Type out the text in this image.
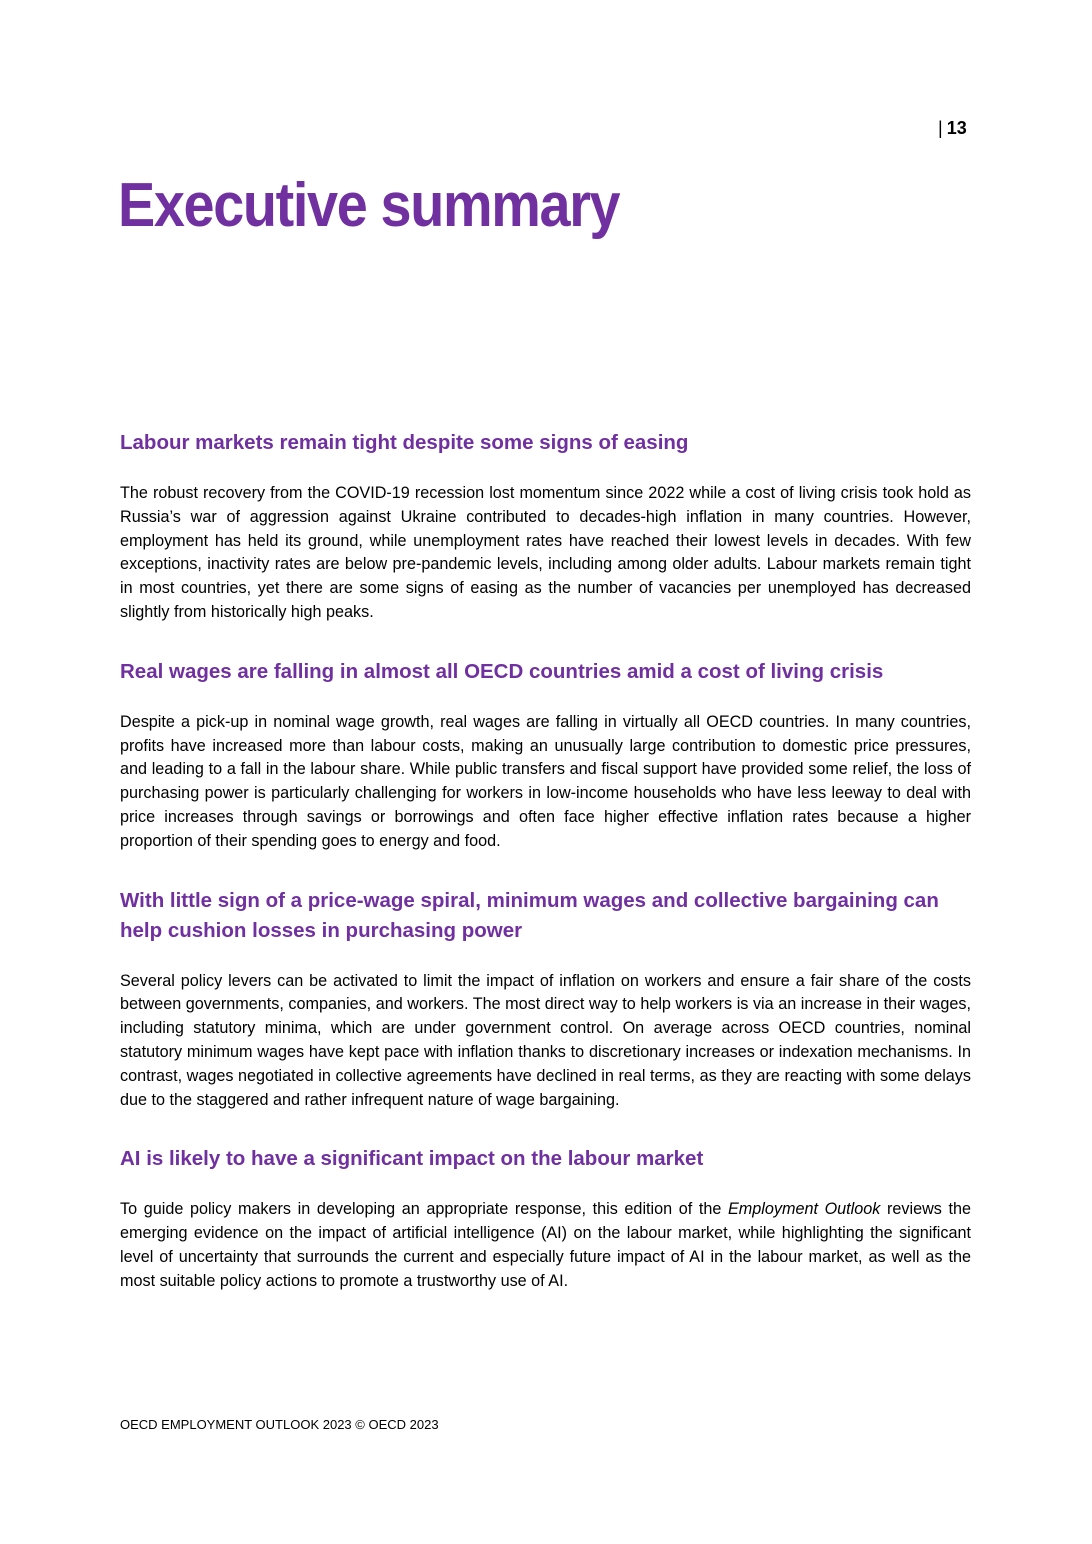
| 13
Executive summary
Labour markets remain tight despite some signs of easing

The robust recovery from the COVID-19 recession lost momentum since 2022 while a cost of living crisis took hold as Russia’s war of aggression against Ukraine contributed to decades-high inflation in many countries. However, employment has held its ground, while unemployment rates have reached their lowest levels in decades. With few exceptions, inactivity rates are below pre-pandemic levels, including among older adults. Labour markets remain tight in most countries, yet there are some signs of easing as the number of vacancies per unemployed has decreased slightly from historically high peaks.

Real wages are falling in almost all OECD countries amid a cost of living crisis

Despite a pick-up in nominal wage growth, real wages are falling in virtually all OECD countries. In many countries, profits have increased more than labour costs, making an unusually large contribution to domestic price pressures, and leading to a fall in the labour share. While public transfers and fiscal support have provided some relief, the loss of purchasing power is particularly challenging for workers in low-income households who have less leeway to deal with price increases through savings or borrowings and often face higher effective inflation rates because a higher proportion of their spending goes to energy and food.

With little sign of a price-wage spiral, minimum wages and collective bargaining can help cushion losses in purchasing power

Several policy levers can be activated to limit the impact of inflation on workers and ensure a fair share of the costs between governments, companies, and workers. The most direct way to help workers is via an increase in their wages, including statutory minima, which are under government control. On average across OECD countries, nominal statutory minimum wages have kept pace with inflation thanks to discretionary increases or indexation mechanisms. In contrast, wages negotiated in collective agreements have declined in real terms, as they are reacting with some delays due to the staggered and rather infrequent nature of wage bargaining.

AI is likely to have a significant impact on the labour market

To guide policy makers in developing an appropriate response, this edition of the Employment Outlook reviews the emerging evidence on the impact of artificial intelligence (AI) on the labour market, while highlighting the significant level of uncertainty that surrounds the current and especially future impact of AI in the labour market, as well as the most suitable policy actions to promote a trustworthy use of AI.

OECD EMPLOYMENT OUTLOOK 2023 © OECD 2023
